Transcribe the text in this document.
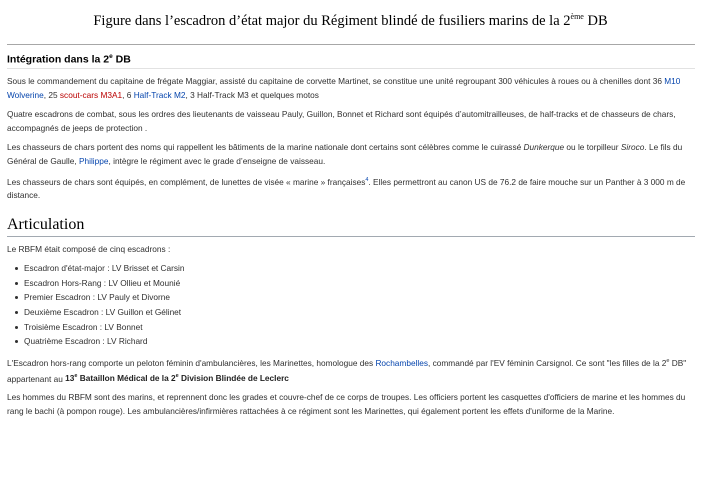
Figure dans l’escadron d’état major du Régiment blindé de fusiliers marins de la 2ème DB
Intégration dans la 2e DB

Sous le commandement du capitaine de frégate Maggiar, assisté du capitaine de corvette Martinet, se constitue une unité regroupant 300 véhicules à roues ou à chenilles dont 36 M10 Wolverine, 25 scout-cars M3A1, 6 Half-Track M2, 3 Half-Track M3 et quelques motos

Quatre escadrons de combat, sous les ordres des lieutenants de vaisseau Pauly, Guillon, Bonnet et Richard sont équipés d’automitrailleuses, de half-tracks et de chasseurs de chars, accompagnés de jeeps de protection .

Les chasseurs de chars portent des noms qui rappellent les bâtiments de la marine nationale dont certains sont célèbres comme le cuirassé Dunkerque ou le torpilleur Siroco. Le fils du Général de Gaulle, Philippe, intègre le régiment avec le grade d’enseigne de vaisseau.

Les chasseurs de chars sont équipés, en complément, de lunettes de visée « marine » françaises$^4$. Elles permettront au canon US de 76.2 de faire mouche sur un Panther à 3 000 m de distance.

Articulation

Le RBFM était composé de cinq escadrons :

Escadron d'état-major : LV Brisset et Carsin
Escadron Hors-Rang : LV Ollieu et Mounié
Premier Escadron : LV Pauly et Divorne
Deuxième Escadron : LV Guillon et Gélinet
Troisième Escadron : LV Bonnet
Quatrième Escadron : LV Richard

L'Escadron hors-rang comporte un peloton féminin d'ambulancières, les Marinettes, homologue des Rochambelles, commandé par l'EV féminin Carsignol. Ce sont "les filles de la 2e DB" appartenant au 13e Bataillon Médical de la 2e Division Blindée de Leclerc

Les hommes du RBFM sont des marins, et reprennent donc les grades et couvre-chef de ce corps de troupes. Les officiers portent les casquettes d'officiers de marine et les hommes du rang le bachi (à pompon rouge). Les ambulancières/infirmières rattachées à ce régiment sont les Marinettes, qui également portent les effets d'uniforme de la Marine.
